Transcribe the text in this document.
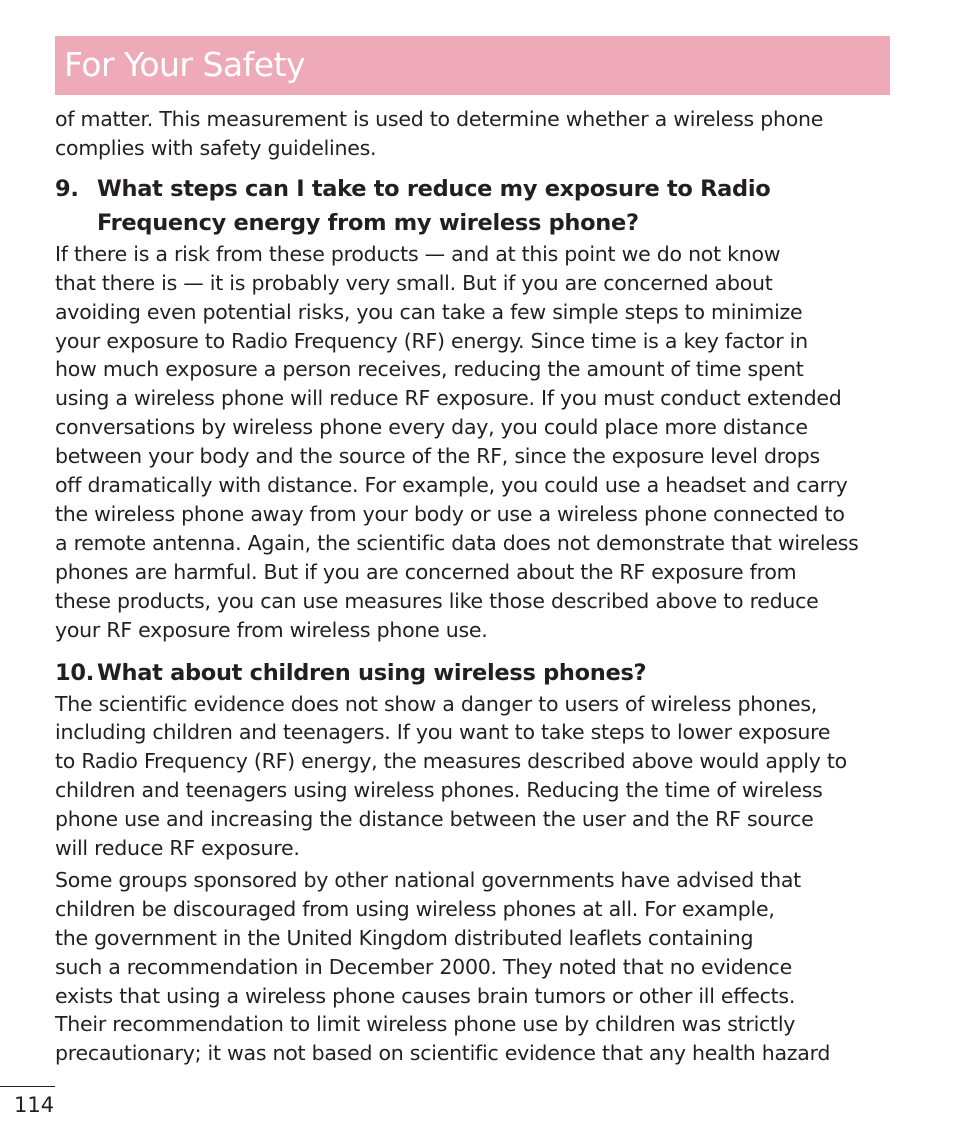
For Your Safety
of matter. This measurement is used to determine whether a wireless phone
complies with safety guidelines.
9. What steps can I take to reduce my exposure to Radio
Frequency energy from my wireless phone?
If there is a risk from these products — and at this point we do not know
that there is — it is probably very small. But if you are concerned about
avoiding even potential risks, you can take a few simple steps to minimize
your exposure to Radio Frequency (RF) energy. Since time is a key factor in
how much exposure a person receives, reducing the amount of time spent
using a wireless phone will reduce RF exposure. If you must conduct extended
conversations by wireless phone every day, you could place more distance
between your body and the source of the RF, since the exposure level drops
off dramatically with distance. For example, you could use a headset and carry
the wireless phone away from your body or use a wireless phone connected to
a remote antenna. Again, the scientific data does not demonstrate that wireless
phones are harmful. But if you are concerned about the RF exposure from
these products, you can use measures like those described above to reduce
your RF exposure from wireless phone use.
10. What about children using wireless phones?
The scientific evidence does not show a danger to users of wireless phones,
including children and teenagers. If you want to take steps to lower exposure
to Radio Frequency (RF) energy, the measures described above would apply to
children and teenagers using wireless phones. Reducing the time of wireless
phone use and increasing the distance between the user and the RF source
will reduce RF exposure.
Some groups sponsored by other national governments have advised that
children be discouraged from using wireless phones at all. For example,
the government in the United Kingdom distributed leaflets containing
such a recommendation in December 2000. They noted that no evidence
exists that using a wireless phone causes brain tumors or other ill effects.
Their recommendation to limit wireless phone use by children was strictly
precautionary; it was not based on scientific evidence that any health hazard
114
